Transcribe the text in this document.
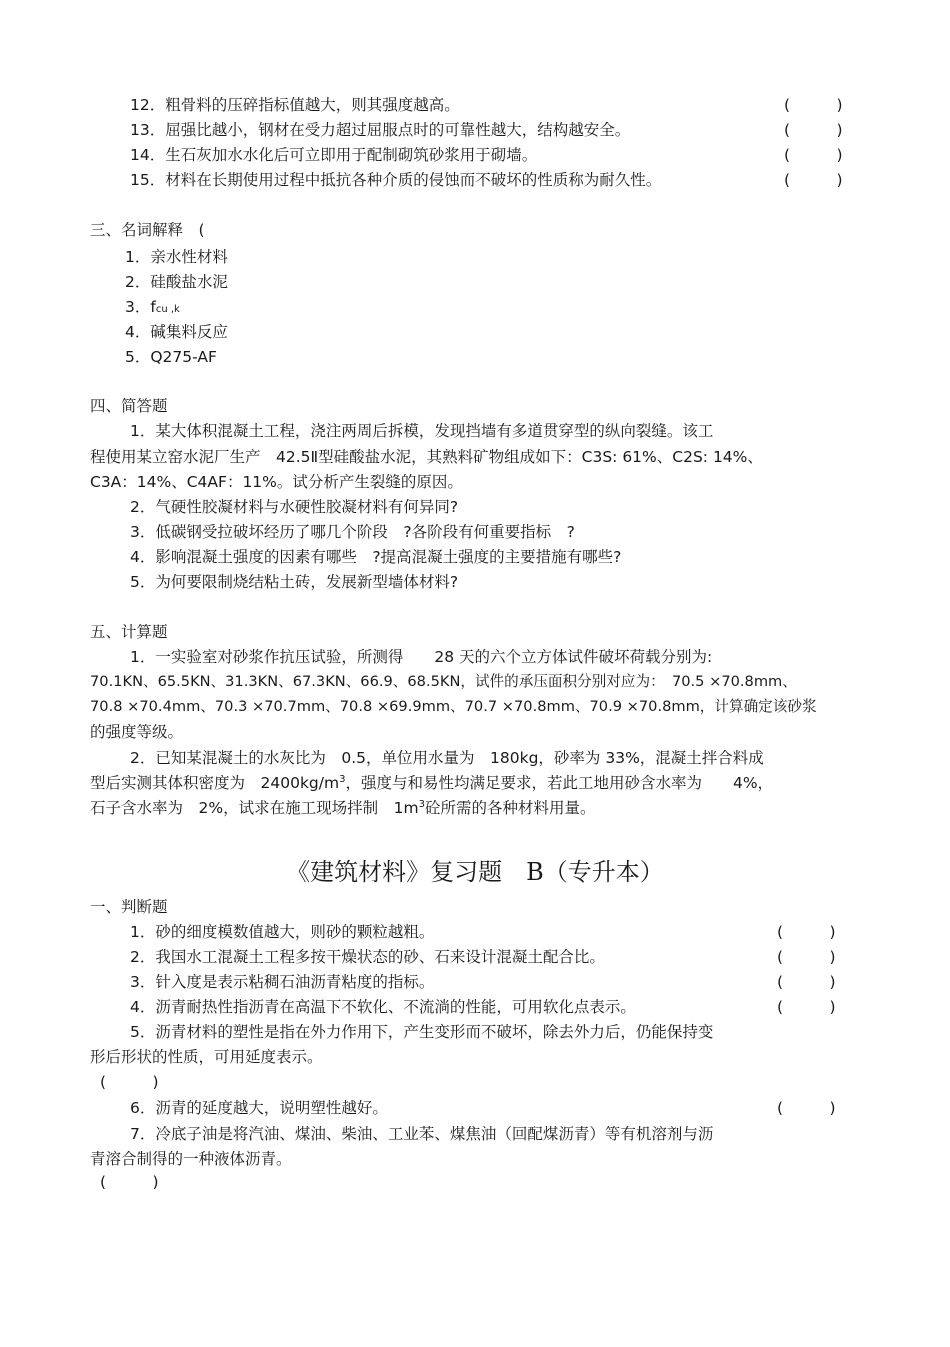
12．粗骨料的压碎指标值越大，则其强度越高。	(　　　)
13．屈强比越小，钢材在受力超过屈服点时的可靠性越大，结构越安全。	(　　　)
14．生石灰加水水化后可立即用于配制砌筑砂浆用于砌墙。	(　　　)
15．材料在长期使用过程中抵抗各种介质的侵蚀而不破坏的性质称为耐久性。	(　　　)
三、名词解释　(
1．亲水性材料
2．硅酸盐水泥
3．fcu ,k
4．碱集料反应
5．Q275-AF
四、简答题
1．某大体积混凝土工程，浇注两周后拆模，发现挡墙有多道贯穿型的纵向裂缝。该工
程使用某立窑水泥厂生产　42.5Ⅱ型硅酸盐水泥，其熟料矿物组成如下：C3S: 61%、C2S: 14%、
C3A：14%、C4AF：11%。试分析产生裂缝的原因。
2．气硬性胶凝材料与水硬性胶凝材料有何异同?
3．低碳钢受拉破坏经历了哪几个阶段　?各阶段有何重要指标　?
4．影响混凝土强度的因素有哪些　?提高混凝土强度的主要措施有哪些?
5．为何要限制烧结粘土砖，发展新型墙体材料?
五、计算题
1．一实验室对砂浆作抗压试验，所测得　　28 天的六个立方体试件破坏荷载分别为:
70.1KN、65.5KN、31.3KN、67.3KN、66.9、68.5KN，试件的承压面积分别对应为：　70.5 ×70.8mm、
70.8 ×70.4mm、70.3 ×70.7mm、70.8 ×69.9mm、70.7 ×70.8mm、70.9 ×70.8mm，计算确定该砂浆
的强度等级。
2．已知某混凝土的水灰比为　0.5，单位用水量为　180kg，砂率为 33%，混凝土拌合料成
型后实测其体积密度为　$2400kg/m^3$，强度与和易性均满足要求，若此工地用砂含水率为　　4%，
石子含水率为　2%，试求在施工现场拌制　$1m^3$砼所需的各种材料用量。
《建筑材料》复习题　B（专升本）
一、判断题
1．砂的细度模数值越大，则砂的颗粒越粗。	(　　　)
2．我国水工混凝土工程多按干燥状态的砂、石来设计混凝土配合比。	(　　　)
3．针入度是表示粘稠石油沥青粘度的指标。	(　　　)
4．沥青耐热性指沥青在高温下不软化、不流淌的性能，可用软化点表示。	(　　　)
5．沥青材料的塑性是指在外力作用下，产生变形而不破坏，除去外力后，仍能保持变
形后形状的性质，可用延度表示。
(　　　)
6．沥青的延度越大，说明塑性越好。	(　　　)
7．冷底子油是将汽油、煤油、柴油、工业苯、煤焦油（回配煤沥青）等有机溶剂与沥
青溶合制得的一种液体沥青。
(　　　)
